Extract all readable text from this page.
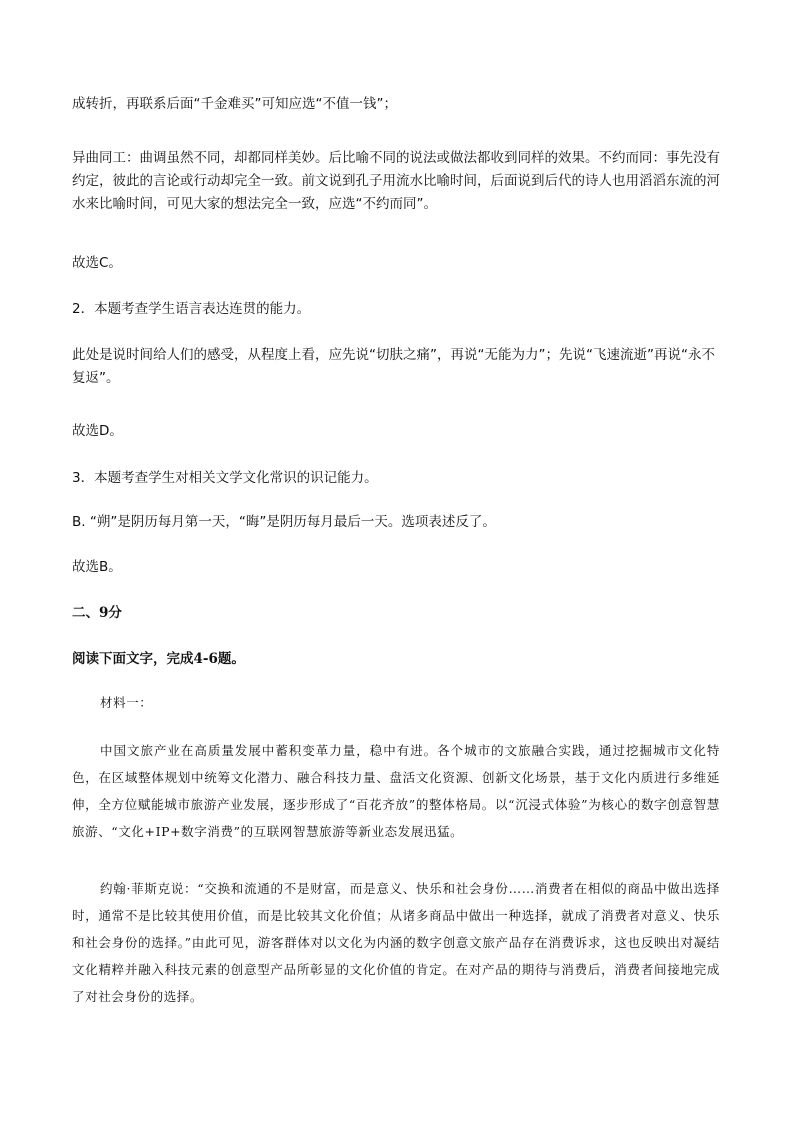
成转折，再联系后面“千金难买”可知应选“不值一钱”；

异曲同工：曲调虽然不同，却都同样美妙。后比喻不同的说法或做法都收到同样的效果。不约而同：事先没有约定，彼此的言论或行动却完全一致。前文说到孔子用流水比喻时间，后面说到后代的诗人也用滔滔东流的河水来比喻时间，可见大家的想法完全一致，应选“不约而同”。

故选C。

2．本题考查学生语言表达连贯的能力。

此处是说时间给人们的感受，从程度上看，应先说“切肤之痛”，再说“无能为力”；先说“飞速流逝”再说“永不复返”。

故选D。

3．本题考查学生对相关文学文化常识的识记能力。

B. “朔”是阴历每月第一天，“晦”是阴历每月最后一天。选项表述反了。

故选B。

二、9分

阅读下面文字，完成4-6题。

材料一：

中国文旅产业在高质量发展中蓄积变革力量，稳中有进。各个城市的文旅融合实践，通过挖掘城市文化特色，在区域整体规划中统筹文化潜力、融合科技力量、盘活文化资源、创新文化场景，基于文化内质进行多维延伸，全方位赋能城市旅游产业发展，逐步形成了“百花齐放”的整体格局。以“沉浸式体验”为核心的数字创意智慧旅游、“文化+IP+数字消费”的互联网智慧旅游等新业态发展迅猛。

约翰·菲斯克说：“交换和流通的不是财富，而是意义、快乐和社会身份……消费者在相似的商品中做出选择时，通常不是比较其使用价值，而是比较其文化价值；从诸多商品中做出一种选择，就成了消费者对意义、快乐和社会身份的选择。”由此可见，游客群体对以文化为内涵的数字创意文旅产品存在消费诉求，这也反映出对凝结文化精粹并融入科技元素的创意型产品所彰显的文化价值的肯定。在对产品的期待与消费后，消费者间接地完成了对社会身份的选择。
